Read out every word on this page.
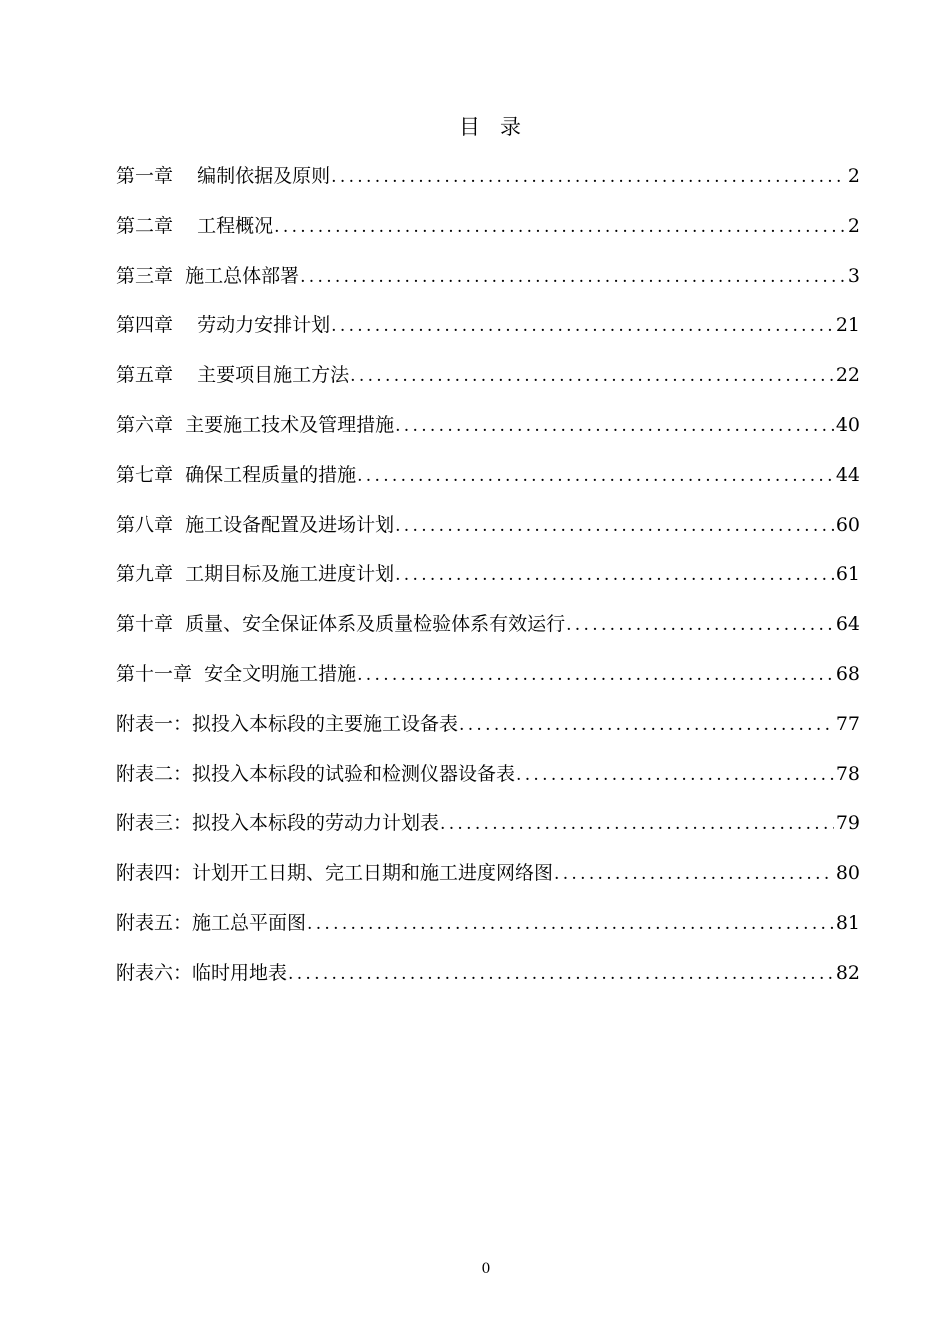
目录
第一章    编制依据及原则 .....	2
第二章    工程概况 .....	2
第三章  施工总体部署 .....	3
第四章    劳动力安排计划 .....	21
第五章    主要项目施工方法 .....	22
第六章  主要施工技术及管理措施 .....	40
第七章  确保工程质量的措施 .....	44
第八章  施工设备配置及进场计划 .....	60
第九章  工期目标及施工进度计划 .....	61
第十章  质量、安全保证体系及质量检验体系有效运行 .....	64
第十一章  安全文明施工措施 .....	68
附表一：拟投入本标段的主要施工设备表 .....	77
附表二：拟投入本标段的试验和检测仪器设备表 .....	78
附表三：拟投入本标段的劳动力计划表 .....	79
附表四：计划开工日期、完工日期和施工进度网络图 .....	80
附表五：施工总平面图 .....	81
附表六：临时用地表 .....	82
0
